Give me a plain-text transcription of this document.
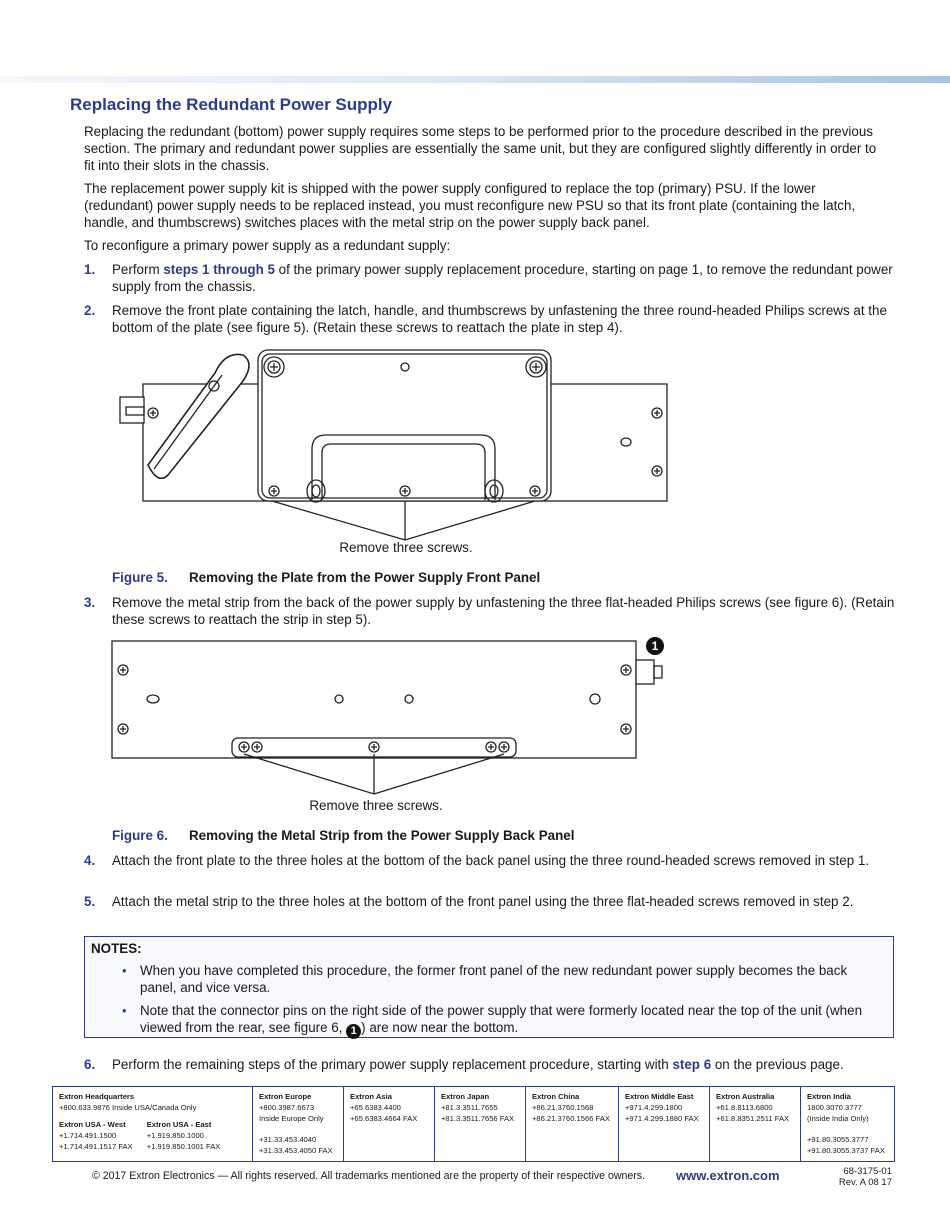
Replacing the Redundant Power Supply

Replacing the redundant (bottom) power supply requires some steps to be performed prior to the procedure described in the previous section. The primary and redundant power supplies are essentially the same unit, but they are configured slightly differently in order to fit into their slots in the chassis.

The replacement power supply kit is shipped with the power supply configured to replace the top (primary) PSU. If the lower (redundant) power supply needs to be replaced instead, you must reconfigure new PSU so that its front plate (containing the latch, handle, and thumbscrews) switches places with the metal strip on the power supply back panel.

To reconfigure a primary power supply as a redundant supply:

1. Perform steps 1 through 5 of the primary power supply replacement procedure, starting on page 1, to remove the redundant power supply from the chassis.
2. Remove the front plate containing the latch, handle, and thumbscrews by unfastening the three round-headed Philips screws at the bottom of the plate (see figure 5). (Retain these screws to reattach the plate in step 4).
Remove three screws.
Figure 5. Removing the Plate from the Power Supply Front Panel
3. Remove the metal strip from the back of the power supply by unfastening the three flat-headed Philips screws (see figure 6). (Retain these screws to reattach the strip in step 5).
1
Remove three screws.
Figure 6. Removing the Metal Strip from the Power Supply Back Panel
4. Attach the front plate to the three holes at the bottom of the back panel using the three round-headed screws removed in step 1.
5. Attach the metal strip to the three holes at the bottom of the front panel using the three flat-headed screws removed in step 2.
NOTES:
• When you have completed this procedure, the former front panel of the new redundant power supply becomes the back panel, and vice versa.
• Note that the connector pins on the right side of the power supply that were formerly located near the top of the unit (when viewed from the rear, see figure 6, 1 ) are now near the bottom.
6. Perform the remaining steps of the primary power supply replacement procedure, starting with step 6 on the previous page.
Extron Headquarters
+800.633.9876 Inside USA/Canada Only
Extron USA - West
+1.714.491.1500
+1.714.491.1517 FAX
Extron USA - East
+1.919.850.1000
+1.919.850.1001 FAX
Extron Europe
+800.3987.6673
Inside Europe Only
+31.33.453.4040
+31.33.453.4050 FAX
Extron Asia
+65.6383.4400
+65.6383.4664 FAX
Extron Japan
+81.3.3511.7655
+81.3.3511.7656 FAX
Extron China
+86.21.3760.1568
+86.21.3760.1566 FAX
Extron Middle East
+971.4.299.1800
+971.4.299.1880 FAX
Extron Australia
+61.8.8113.6800
+61.8.8351.2511 FAX
Extron India
1800.3070.3777
(Inside India Only)
+91.80.3055.3777
+91.80.3055.3737 FAX
© 2017 Extron Electronics — All rights reserved. All trademarks mentioned are the property of their respective owners. www.extron.com	68-3175-01
Rev. A 08 17
